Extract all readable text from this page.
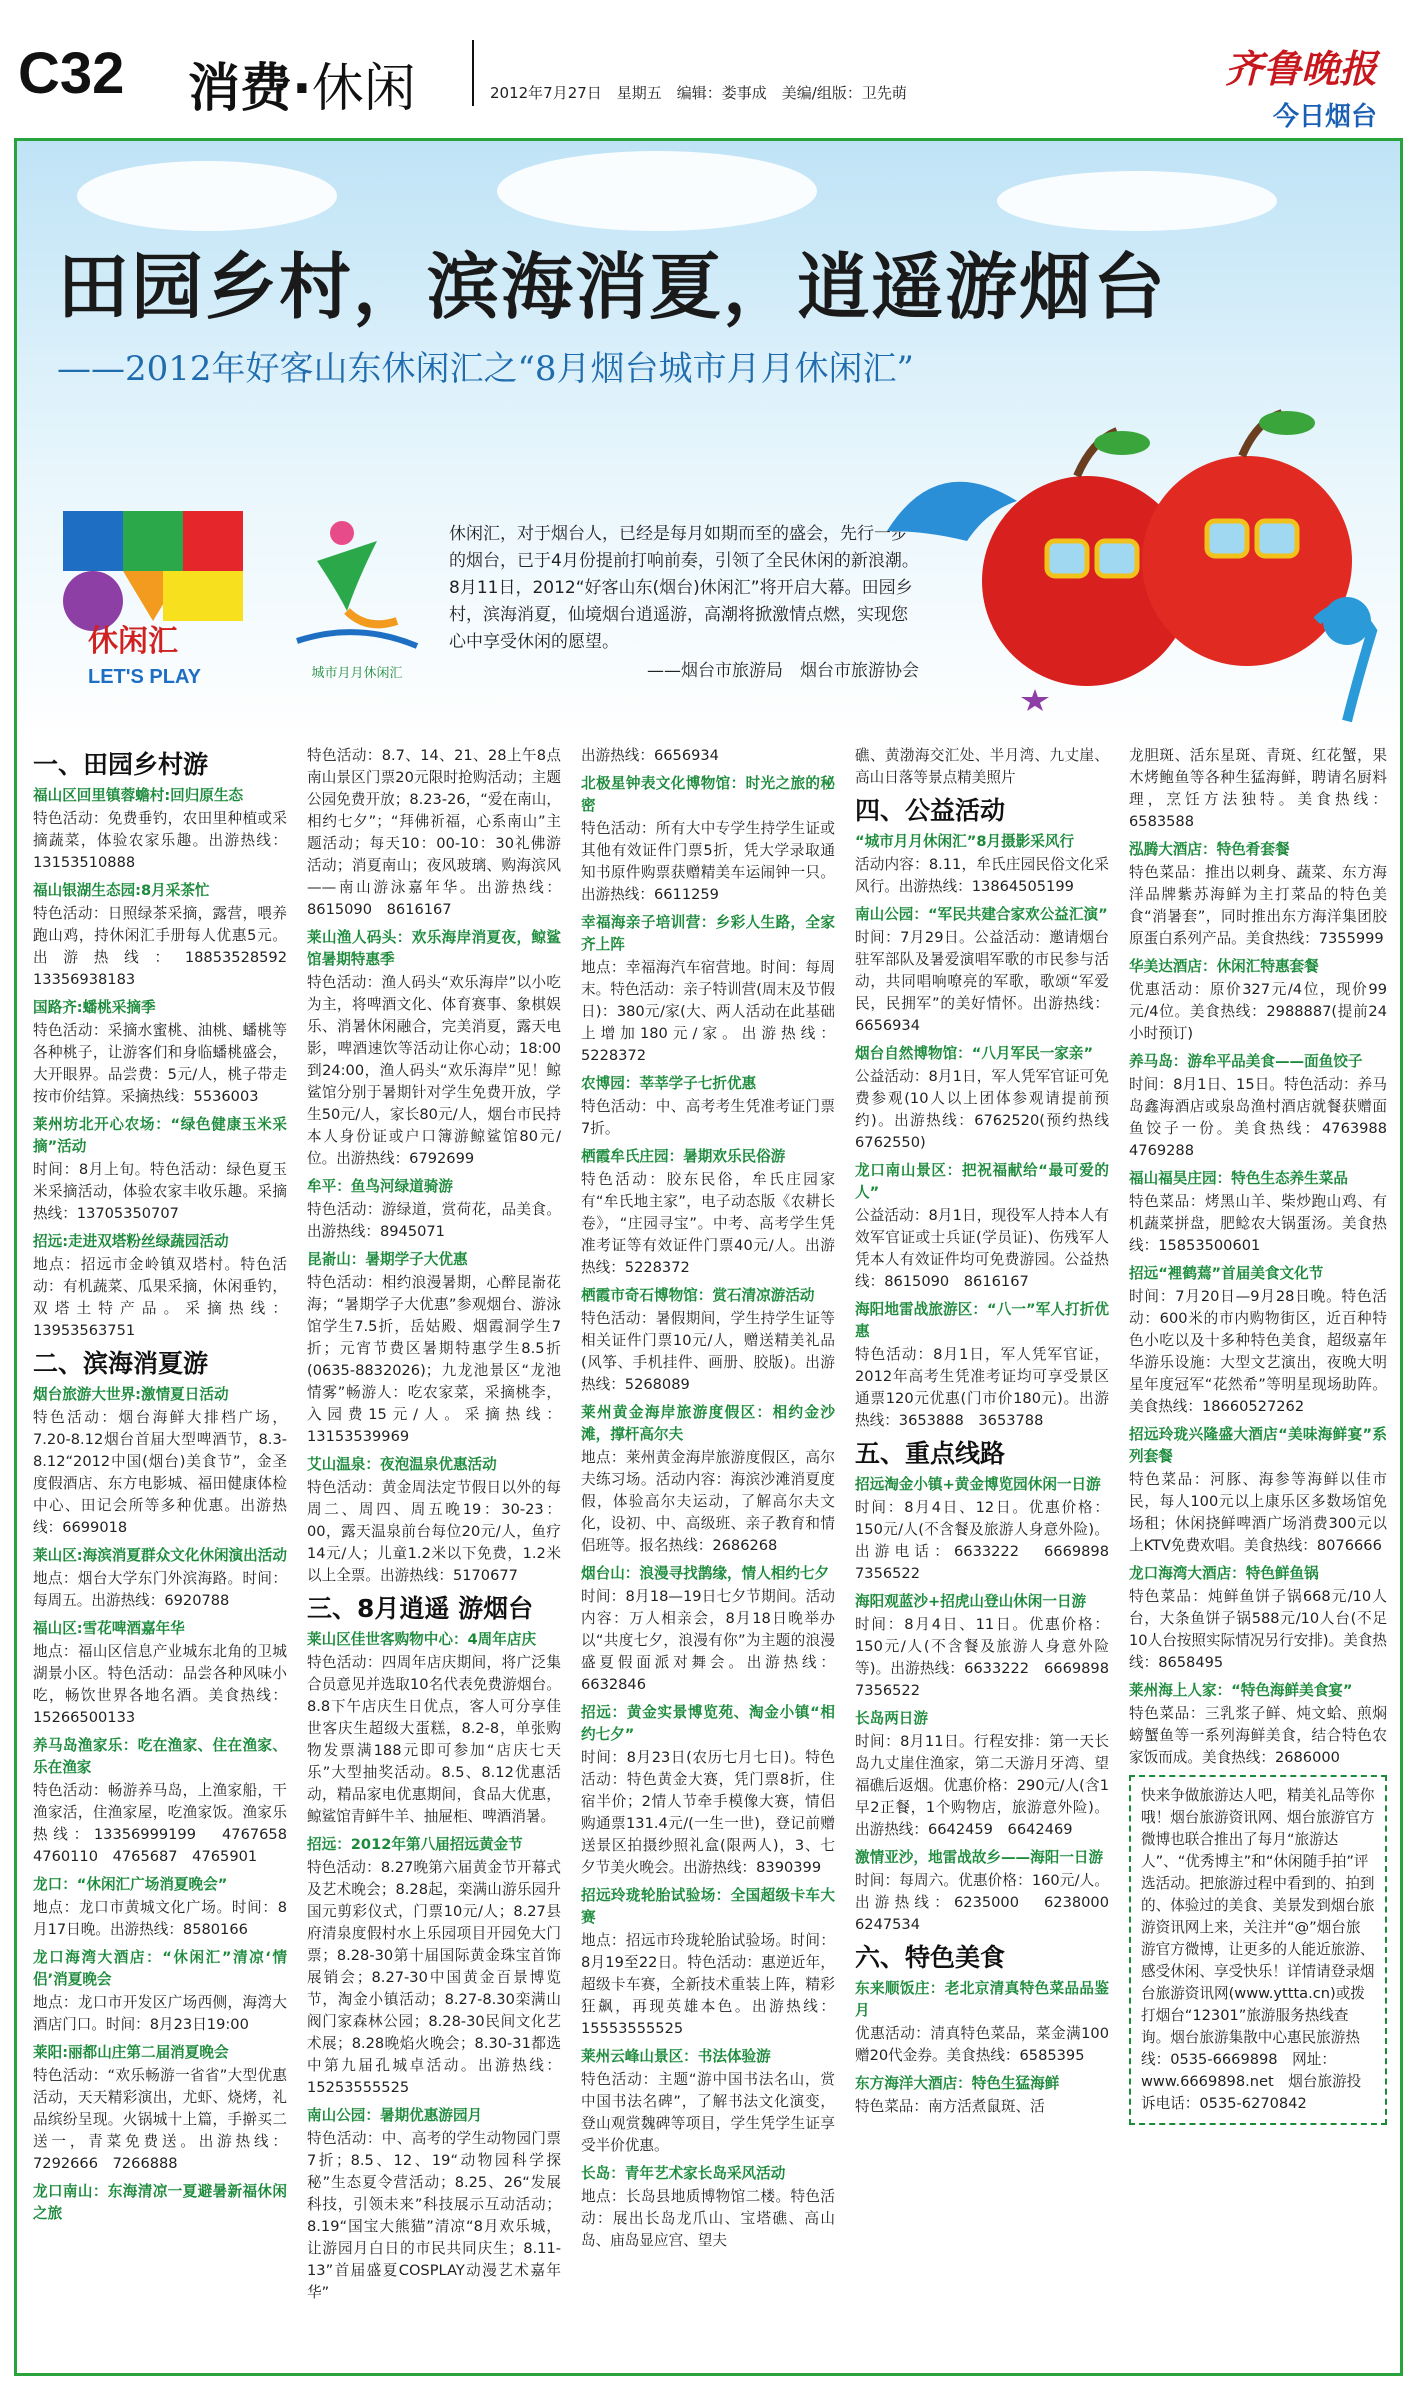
C32 消费·休闲	2012年7月27日　星期五　编辑：娄事成　美编/组版：卫先萌
齐鲁晚报
今日烟台
田园乡村，滨海消夏，逍遥游烟台
——2012年好客山东休闲汇之“8月烟台城市月月休闲汇”
休闲汇
LET'S PLAY	城市月月休闲汇
休闲汇，对于烟台人，已经是每月如期而至的盛会，先行一步的烟台，已于4月份提前打响前奏，引领了全民休闲的新浪潮。8月11日，2012“好客山东(烟台)休闲汇”将开启大幕。田园乡村，滨海消夏，仙境烟台逍遥游，高潮将掀激情点燃，实现您心中享受休闲的愿望。
——烟台市旅游局　烟台市旅游协会
一、田园乡村游

福山区回里镇蓉蟾村:回归原生态

特色活动：免费垂钓，农田里种植或采摘蔬菜，体验农家乐趣。出游热线：13153510888

福山银湖生态园:8月采茶忙

特色活动：日照绿茶采摘，露营，喂养跑山鸡，持休闲汇手册每人优惠5元。出游热线：18853528592　13356938183

国路齐:蟠桃采摘季

特色活动：采摘水蜜桃、油桃、蟠桃等各种桃子，让游客们和身临蟠桃盛会，大开眼界。品尝费：5元/人，桃子带走按市价结算。采摘热线：5536003

莱州坊北开心农场：“绿色健康玉米采摘”活动

时间：8月上旬。特色活动：绿色夏玉米采摘活动，体验农家丰收乐趣。采摘热线：13705350707

招远:走进双塔粉丝绿蔬园活动

地点：招远市金岭镇双塔村。特色活动：有机蔬菜、瓜果采摘，休闲垂钓，双塔土特产品。采摘热线：13953563751

二、滨海消夏游

烟台旅游大世界:激情夏日活动

特色活动：烟台海鲜大排档广场，7.20-8.12烟台首届大型啤酒节，8.3-8.12“2012中国(烟台)美食节”，金圣度假酒店、东方电影城、福田健康体检中心、田记会所等多种优惠。出游热线：6699018

莱山区:海滨消夏群众文化休闲演出活动

地点：烟台大学东门外滨海路。时间：每周五。出游热线：6920788

福山区:雪花啤酒嘉年华

地点：福山区信息产业城东北角的卫城湖景小区。特色活动：品尝各种风味小吃，畅饮世界各地名酒。美食热线：15266500133

养马岛渔家乐：吃在渔家、住在渔家、乐在渔家

特色活动：畅游养马岛，上渔家船，干渔家活，住渔家屋，吃渔家饭。渔家乐热线：13356999199　4767658　4760110　4765687　4765901

龙口：“休闲汇广场消夏晚会”

地点：龙口市黄城文化广场。时间：8月17日晚。出游热线：8580166

龙口海湾大酒店：“休闲汇”清凉‘情侣’消夏晚会

地点：龙口市开发区广场西侧，海湾大酒店门口。时间：8月23日19:00

莱阳:丽都山庄第二届消夏晚会

特色活动：“欢乐畅游一省省”大型优惠活动，天天精彩演出，尤虾、烧烤，礼品缤纷呈现。火锅城十上篇，手擀买二送一，青菜免费送。出游热线：7292666　7266888

龙口南山：东海清凉一夏避暑新福休闲之旅

特色活动：8.7、14、21、28上午8点南山景区门票20元限时抢购活动；主题公园免费开放；8.23-26，“爱在南山，相约七夕”；“拜佛祈福，心系南山”主题活动；每天10：00-10：30礼佛游活动；消夏南山；夜风玻璃、购海滨风——南山游泳嘉年华。出游热线：8615090　8616167

莱山渔人码头：欢乐海岸消夏夜，鲸鲨馆暑期特惠季

特色活动：渔人码头“欢乐海岸”以小吃为主，将啤酒文化、体育赛事、象棋娱乐、消暑休闲融合，完美消夏，露天电影，啤酒速饮等活动让你心动；18:00到24:00，渔人码头“欢乐海岸”见！鲸鲨馆分别于暑期针对学生免费开放，学生50元/人，家长80元/人，烟台市民持本人身份证或户口簿游鲸鲨馆80元/位。出游热线：6792699

牟平：鱼鸟河绿道骑游

特色活动：游绿道，赏荷花，品美食。出游热线：8945071

昆嵛山：暑期学子大优惠

特色活动：相约浪漫暑期，心醉昆嵛花海；“暑期学子大优惠”参观烟台、游泳馆学生7.5折，岳姑殿、烟霞洞学生7折；元宵节费区暑期特惠学生8.5折(0635-8832026)；九龙池景区“龙池情雾”畅游人：吃农家菜，采摘桃李，入园费15元/人。采摘热线：13153539969

艾山温泉：夜泡温泉优惠活动

特色活动：黄金周法定节假日以外的每周二、周四、周五晚19：30-23：00，露天温泉前台每位20元/人，鱼疗14元/人；儿童1.2米以下免费，1.2米以上全票。出游热线：5170677

三、8月逍遥 游烟台

莱山区佳世客购物中心：4周年店庆

特色活动：四周年店庆期间，将广泛集合员意见并选取10名代表免费游烟台。8.8下午店庆生日优点，客人可分享佳世客庆生超级大蛋糕，8.2-8，单张购物发票满188元即可参加“店庆七天乐”大型抽奖活动。8.5、8.12优惠活动，精品家电优惠期间，食品大优惠，鲸鲨馆青鲜牛羊、抽屉柜、啤酒消暑。

招远：2012年第八届招远黄金节

特色活动：8.27晚第六届黄金节开幕式及艺术晚会；8.28起，栾满山游乐园升国元剪彩仪式，门票10元/人；8.27县府清泉度假村水上乐园项目开园免大门票；8.28-30第十届国际黄金珠宝首饰展销会；8.27-30中国黄金百景博览节，淘金小镇活动；8.27-8.30栾满山阀门家森林公园；8.28-30民间文化艺术展；8.28晚焰火晚会；8.30-31都选中第九届孔城卓活动。出游热线：15253555525

南山公园：暑期优惠游园月

特色活动：中、高考的学生动物园门票7折；8.5、12、19“动物园科学探秘”生态夏令营活动；8.25、26“发展科技，引领未来”科技展示互动活动；8.19“国宝大熊猫”清凉“8月欢乐城，让游园月白日的市民共同庆生；8.11-13”首届盛夏COSPLAY动漫艺术嘉年华”

出游热线：6656934

北极星钟表文化博物馆：时光之旅的秘密

特色活动：所有大中专学生持学生证或其他有效证件门票5折，凭大学录取通知书原件购票获赠精美车运闹钟一只。出游热线：6611259

幸福海亲子培训营：乡彩人生路，全家齐上阵

地点：幸福海汽车宿营地。时间：每周末。特色活动：亲子特训营(周末及节假日)：380元/家(大、两人活动在此基础上增加180元/家。出游热线：5228372

农博园：莘莘学子七折优惠

特色活动：中、高考考生凭准考证门票7折。

栖霞牟氏庄园：暑期欢乐民俗游

特色活动：胶东民俗，牟氏庄园家有“牟氏地主家”，电子动态版《农耕长卷》，“庄园寻宝”。中考、高考学生凭准考证等有效证件门票40元/人。出游热线：5228372

栖霞市奇石博物馆：赏石清凉游活动

特色活动：暑假期间，学生持学生证等相关证件门票10元/人，赠送精美礼品(风筝、手机挂件、画册、胶版)。出游热线：5268089

莱州黄金海岸旅游度假区：相约金沙滩，撑杆高尔夫

地点：莱州黄金海岸旅游度假区，高尔夫练习场。活动内容：海滨沙滩消夏度假，体验高尔夫运动，了解高尔夫文化，设初、中、高级班、亲子教育和情侣班等。报名热线：2686268

烟台山：浪漫寻找鹊缘，情人相约七夕

时间：8月18—19日七夕节期间。活动内容：万人相亲会，8月18日晚举办以“共度七夕，浪漫有你”为主题的浪漫盛夏假面派对舞会。出游热线：6632846

招远：黄金实景博览苑、淘金小镇“相约七夕”

时间：8月23日(农历七月七日)。特色活动：特色黄金大赛，凭门票8折，住宿半价；2情人节牵手模像大赛，情侣购通票131.4元/(一生一世)，登记前赠送景区拍摄纱照礼盒(限两人)，3、七夕节美火晚会。出游热线：8390399

招远玲珑轮胎试验场：全国超级卡车大赛

地点：招远市玲珑轮胎试验场。时间：8月19至22日。特色活动：惠逆近年，超级卡车赛，全新技术重装上阵，精彩狂飙，再现英雄本色。出游热线：15553555525

莱州云峰山景区：书法体验游

特色活动：主题“游中国书法名山，赏中国书法名碑”，了解书法文化演变，登山观赏魏碑等项目，学生凭学生证享受半价优惠。

长岛：青年艺术家长岛采风活动

地点：长岛县地质博物馆二楼。特色活动：展出长岛龙爪山、宝塔礁、高山岛、庙岛显应宫、望夫

礁、黄渤海交汇处、半月湾、九丈崖、高山日落等景点精美照片

四、公益活动

“城市月月休闲汇”8月摄影采风行

活动内容：8.11，牟氏庄园民俗文化采风行。出游热线：13864505199

南山公园：“军民共建合家欢公益汇演”

时间：7月29日。公益活动：邀请烟台驻军部队及暑爱演唱军歌的市民参与活动，共同唱响嘹亮的军歌，歌颂“军爱民，民拥军”的美好情怀。出游热线：6656934

烟台自然博物馆：“八月军民一家亲”

公益活动：8月1日，军人凭军官证可免费参观(10人以上团体参观请提前预约)。出游热线：6762520(预约热线6762550)

龙口南山景区：把祝福献给“最可爱的人”

公益活动：8月1日，现役军人持本人有效军官证或士兵证(学员证)、伤残军人凭本人有效证件均可免费游园。公益热线：8615090　8616167

海阳地雷战旅游区：“八一”军人打折优惠

特色活动：8月1日，军人凭军官证，2012年高考生凭准考证均可享受景区通票120元优惠(门市价180元)。出游热线：3653888　3653788

五、重点线路

招远淘金小镇+黄金博览园休闲一日游

时间：8月4日、12日。优惠价格：150元/人(不含餐及旅游人身意外险)。出游电话：6633222　6669898　7356522

海阳观蓝沙+招虎山登山休闲一日游

时间：8月4日、11日。优惠价格：150元/人(不含餐及旅游人身意外险等)。出游热线：6633222　6669898　7356522

长岛两日游

时间：8月11日。行程安排：第一天长岛九丈崖住渔家，第二天游月牙湾、望福礁后返烟。优惠价格：290元/人(含1早2正餐，1个购物店，旅游意外险)。出游热线：6642459　6642469

激情亚沙，地雷战故乡——海阳一日游

时间：每周六。优惠价格：160元/人。出游热线：6235000　6238000　6247534

六、特色美食

东来顺饭庄：老北京清真特色菜品品鉴月

优惠活动：清真特色菜品，菜金满100赠20代金券。美食热线：6585395

东方海洋大酒店：特色生猛海鲜

特色菜品：南方活煮鼠斑、活

龙胆斑、活东星斑、青斑、红花蟹，果木烤鲍鱼等各种生猛海鲜，聘请名厨料理，烹饪方法独特。美食热线：6583588

泓腾大酒店：特色肴套餐

特色菜品：推出以刺身、蔬菜、东方海洋品牌紫苏海鲜为主打菜品的特色美食“消暑套”，同时推出东方海洋集团胶原蛋白系列产品。美食热线：7355999

华美达酒店：休闲汇特惠套餐

优惠活动：原价327元/4位，现价99元/4位。美食热线：2988887(提前24小时预订)

养马岛：游牟平品美食——面鱼饺子

时间：8月1日、15日。特色活动：养马岛鑫海酒店或泉岛渔村酒店就餐获赠面鱼饺子一份。美食热线：4763988　4769288

福山福昊庄园：特色生态养生菜品

特色菜品：烤黑山羊、柴炒跑山鸡、有机蔬菜拼盘，肥鲶农大锅蛋汤。美食热线：15853500601

招远“裡鹤蔫”首届美食文化节

时间：7月20日—9月28日晚。特色活动：600米的市内购物街区，近百种特色小吃以及十多种特色美食，超级嘉年华游乐设施：大型文艺演出，夜晚大明星年度冠军“花然希”等明星现场助阵。美食热线：18660527262

招远玲珑兴隆盛大酒店“美味海鲜宴”系列套餐

特色菜品：河豚、海参等海鲜以佳市民，每人100元以上康乐区多数场馆免场租；休闲挠鲜啤酒广场消费300元以上KTV免费欢唱。美食热线：8076666

龙口海湾大酒店：特色鲜鱼锅

特色菜品：炖鲜鱼饼子锅668元/10人台，大条鱼饼子锅588元/10人台(不足10人台按照实际情况另行安排)。美食热线：8658495

莱州海上人家：“特色海鲜美食宴”

特色菜品：三乳浆子鲜、炖文蛤、煎焖螃蟹鱼等一系列海鲜美食，结合特色农家饭而成。美食热线：2686000

快来争做旅游达人吧，精美礼品等你哦！烟台旅游资讯网、烟台旅游官方微博也联合推出了每月“旅游达人”、“优秀博主”和“休闲随手拍”评选活动。把旅游过程中看到的、拍到的、体验过的美食、美景发到烟台旅游资讯网上来，关注并“@”烟台旅游官方微博，让更多的人能近旅游、感受休闲、享受快乐！详情请登录烟台旅游资讯网(www.yttta.cn)或拨打烟台“12301”旅游服务热线查询。烟台旅游集散中心惠民旅游热线：0535-6669898　网址：www.6669898.net　烟台旅游投诉电话：0535-6270842
